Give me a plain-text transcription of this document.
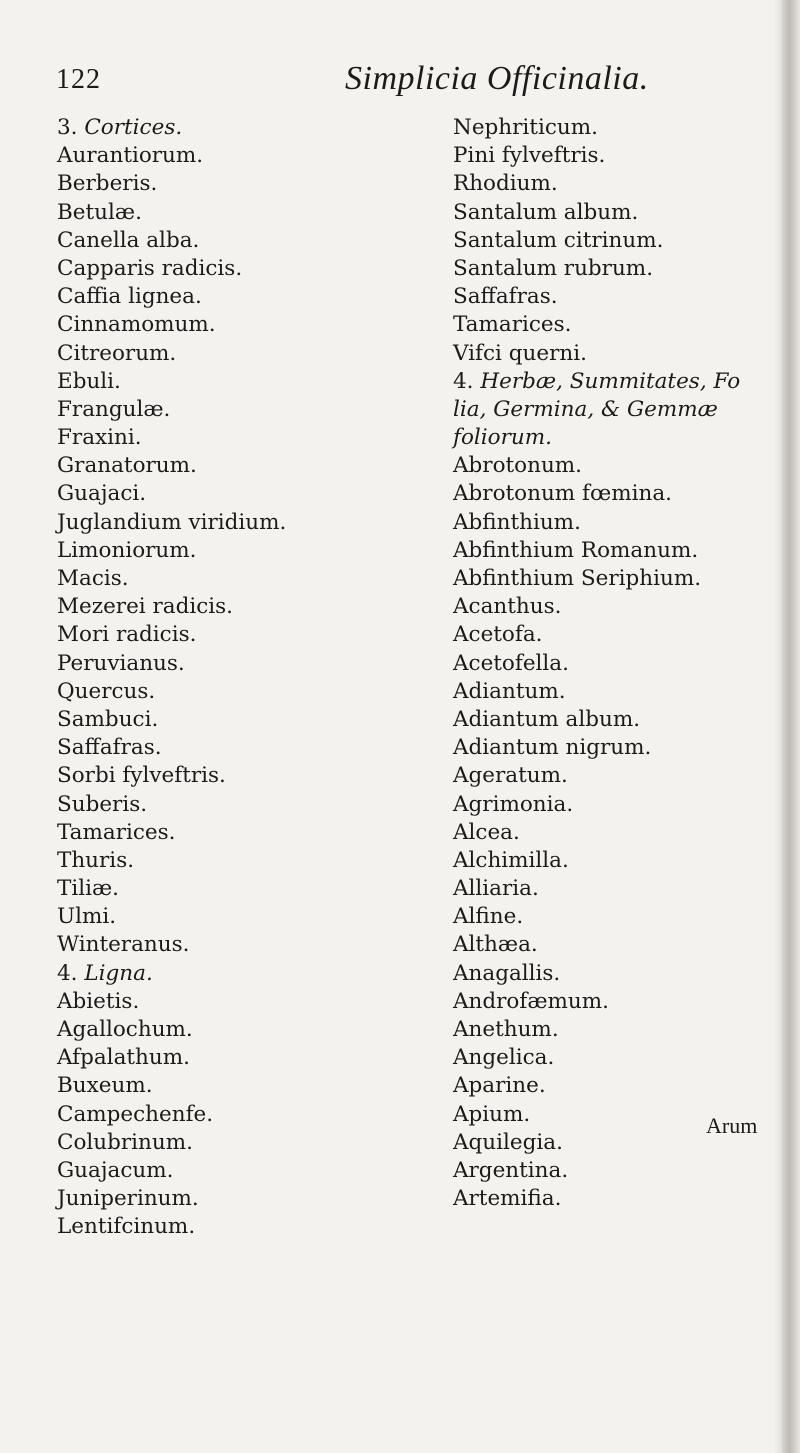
122	Simplicia Officinalia.
3. Cortices.
Aurantiorum.
Berberis.
Betulæ.
Canella alba.
Capparis radicis.
Caffia lignea.
Cinnamomum.
Citreorum.
Ebuli.
Frangulæ.
Fraxini.
Granatorum.
Guajaci.
Juglandium viridium.
Limoniorum.
Macis.
Mezerei radicis.
Mori radicis.
Peruvianus.
Quercus.
Sambuci.
Saffafras.
Sorbi fylveftris.
Suberis.
Tamarices.
Thuris.
Tiliæ.
Ulmi.
Winteranus.
4. Ligna.
Abietis.
Agallochum.
Afpalathum.
Buxeum.
Campechenfe.
Colubrinum.
Guajacum.
Juniperinum.
Lentifcinum.
Nephriticum.
Pini fylveftris.
Rhodium.
Santalum album.
Santalum citrinum.
Santalum rubrum.
Saffafras.
Tamarices.
Vifci querni.
4. Herbæ, Summitates, Fo
lia, Germina, & Gemmæ
foliorum.
Abrotonum.
Abrotonum fœmina.
Abfinthium.
Abfinthium Romanum.
Abfinthium Seriphium.
Acanthus.
Acetofa.
Acetofella.
Adiantum.
Adiantum album.
Adiantum nigrum.
Ageratum.
Agrimonia.
Alcea.
Alchimilla.
Alliaria.
Alfine.
Althæa.
Anagallis.
Androfæmum.
Anethum.
Angelica.
Aparine.
Apium.
Aquilegia.
Argentina.
Artemifia.
Arum
